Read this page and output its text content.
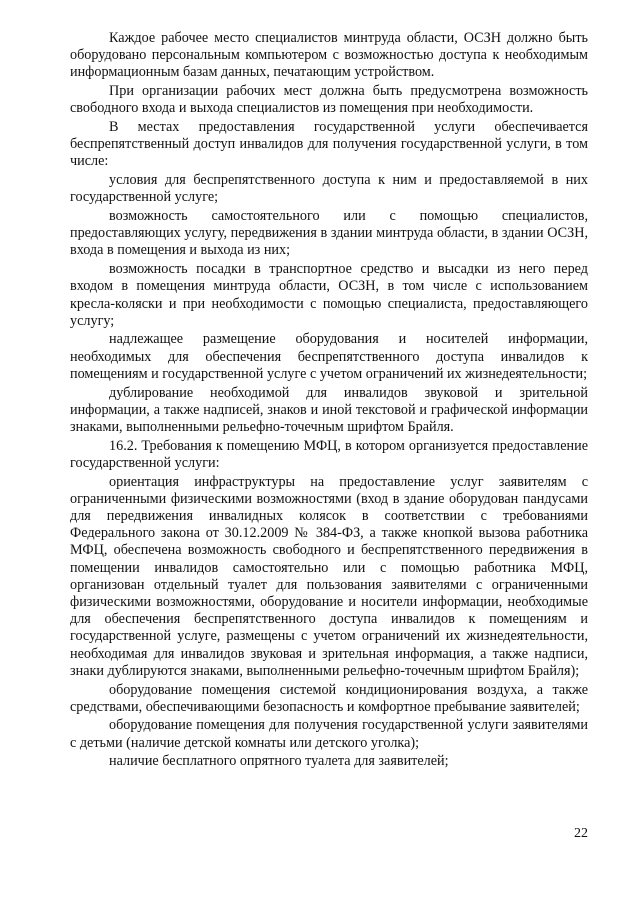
Каждое рабочее место специалистов минтруда области, ОСЗН должно быть оборудовано персональным компьютером с возможностью доступа к необходимым информационным базам данных, печатающим устройством.

При организации рабочих мест должна быть предусмотрена возможность свободного входа и выхода специалистов из помещения при необходимости.

В местах предоставления государственной услуги обеспечивается беспрепятственный доступ инвалидов для получения государственной услуги, в том числе:

условия для беспрепятственного доступа к ним и предоставляемой в них государственной услуге;

возможность самостоятельного или с помощью специалистов, предоставляющих услугу, передвижения в здании минтруда области, в здании ОСЗН, входа в помещения и выхода из них;

возможность посадки в транспортное средство и высадки из него перед входом в помещения минтруда области, ОСЗН, в том числе с использованием кресла-коляски и при необходимости с помощью специалиста, предоставляющего услугу;

надлежащее размещение оборудования и носителей информации, необходимых для обеспечения беспрепятственного доступа инвалидов к помещениям и государственной услуге с учетом ограничений их жизнедеятельности;

дублирование необходимой для инвалидов звуковой и зрительной информации, а также надписей, знаков и иной текстовой и графической информации знаками, выполненными рельефно-точечным шрифтом Брайля.

16.2. Требования к помещению МФЦ, в котором организуется предоставление государственной услуги:

ориентация инфраструктуры на предоставление услуг заявителям с ограниченными физическими возможностями (вход в здание оборудован пандусами для передвижения инвалидных колясок в соответствии с требованиями Федерального закона от 30.12.2009 № 384-ФЗ, а также кнопкой вызова работника МФЦ, обеспечена возможность свободного и беспрепятственного передвижения в помещении инвалидов самостоятельно или с помощью работника МФЦ, организован отдельный туалет для пользования заявителями с ограниченными физическими возможностями, оборудование и носители информации, необходимые для обеспечения беспрепятственного доступа инвалидов к помещениям и государственной услуге, размещены с учетом ограничений их жизнедеятельности, необходимая для инвалидов звуковая и зрительная информация, а также надписи, знаки дублируются знаками, выполненными рельефно-точечным шрифтом Брайля);

оборудование помещения системой кондиционирования воздуха, а также средствами, обеспечивающими безопасность и комфортное пребывание заявителей;

оборудование помещения для получения государственной услуги заявителями с детьми (наличие детской комнаты или детского уголка);

наличие бесплатного опрятного туалета для заявителей;

22
